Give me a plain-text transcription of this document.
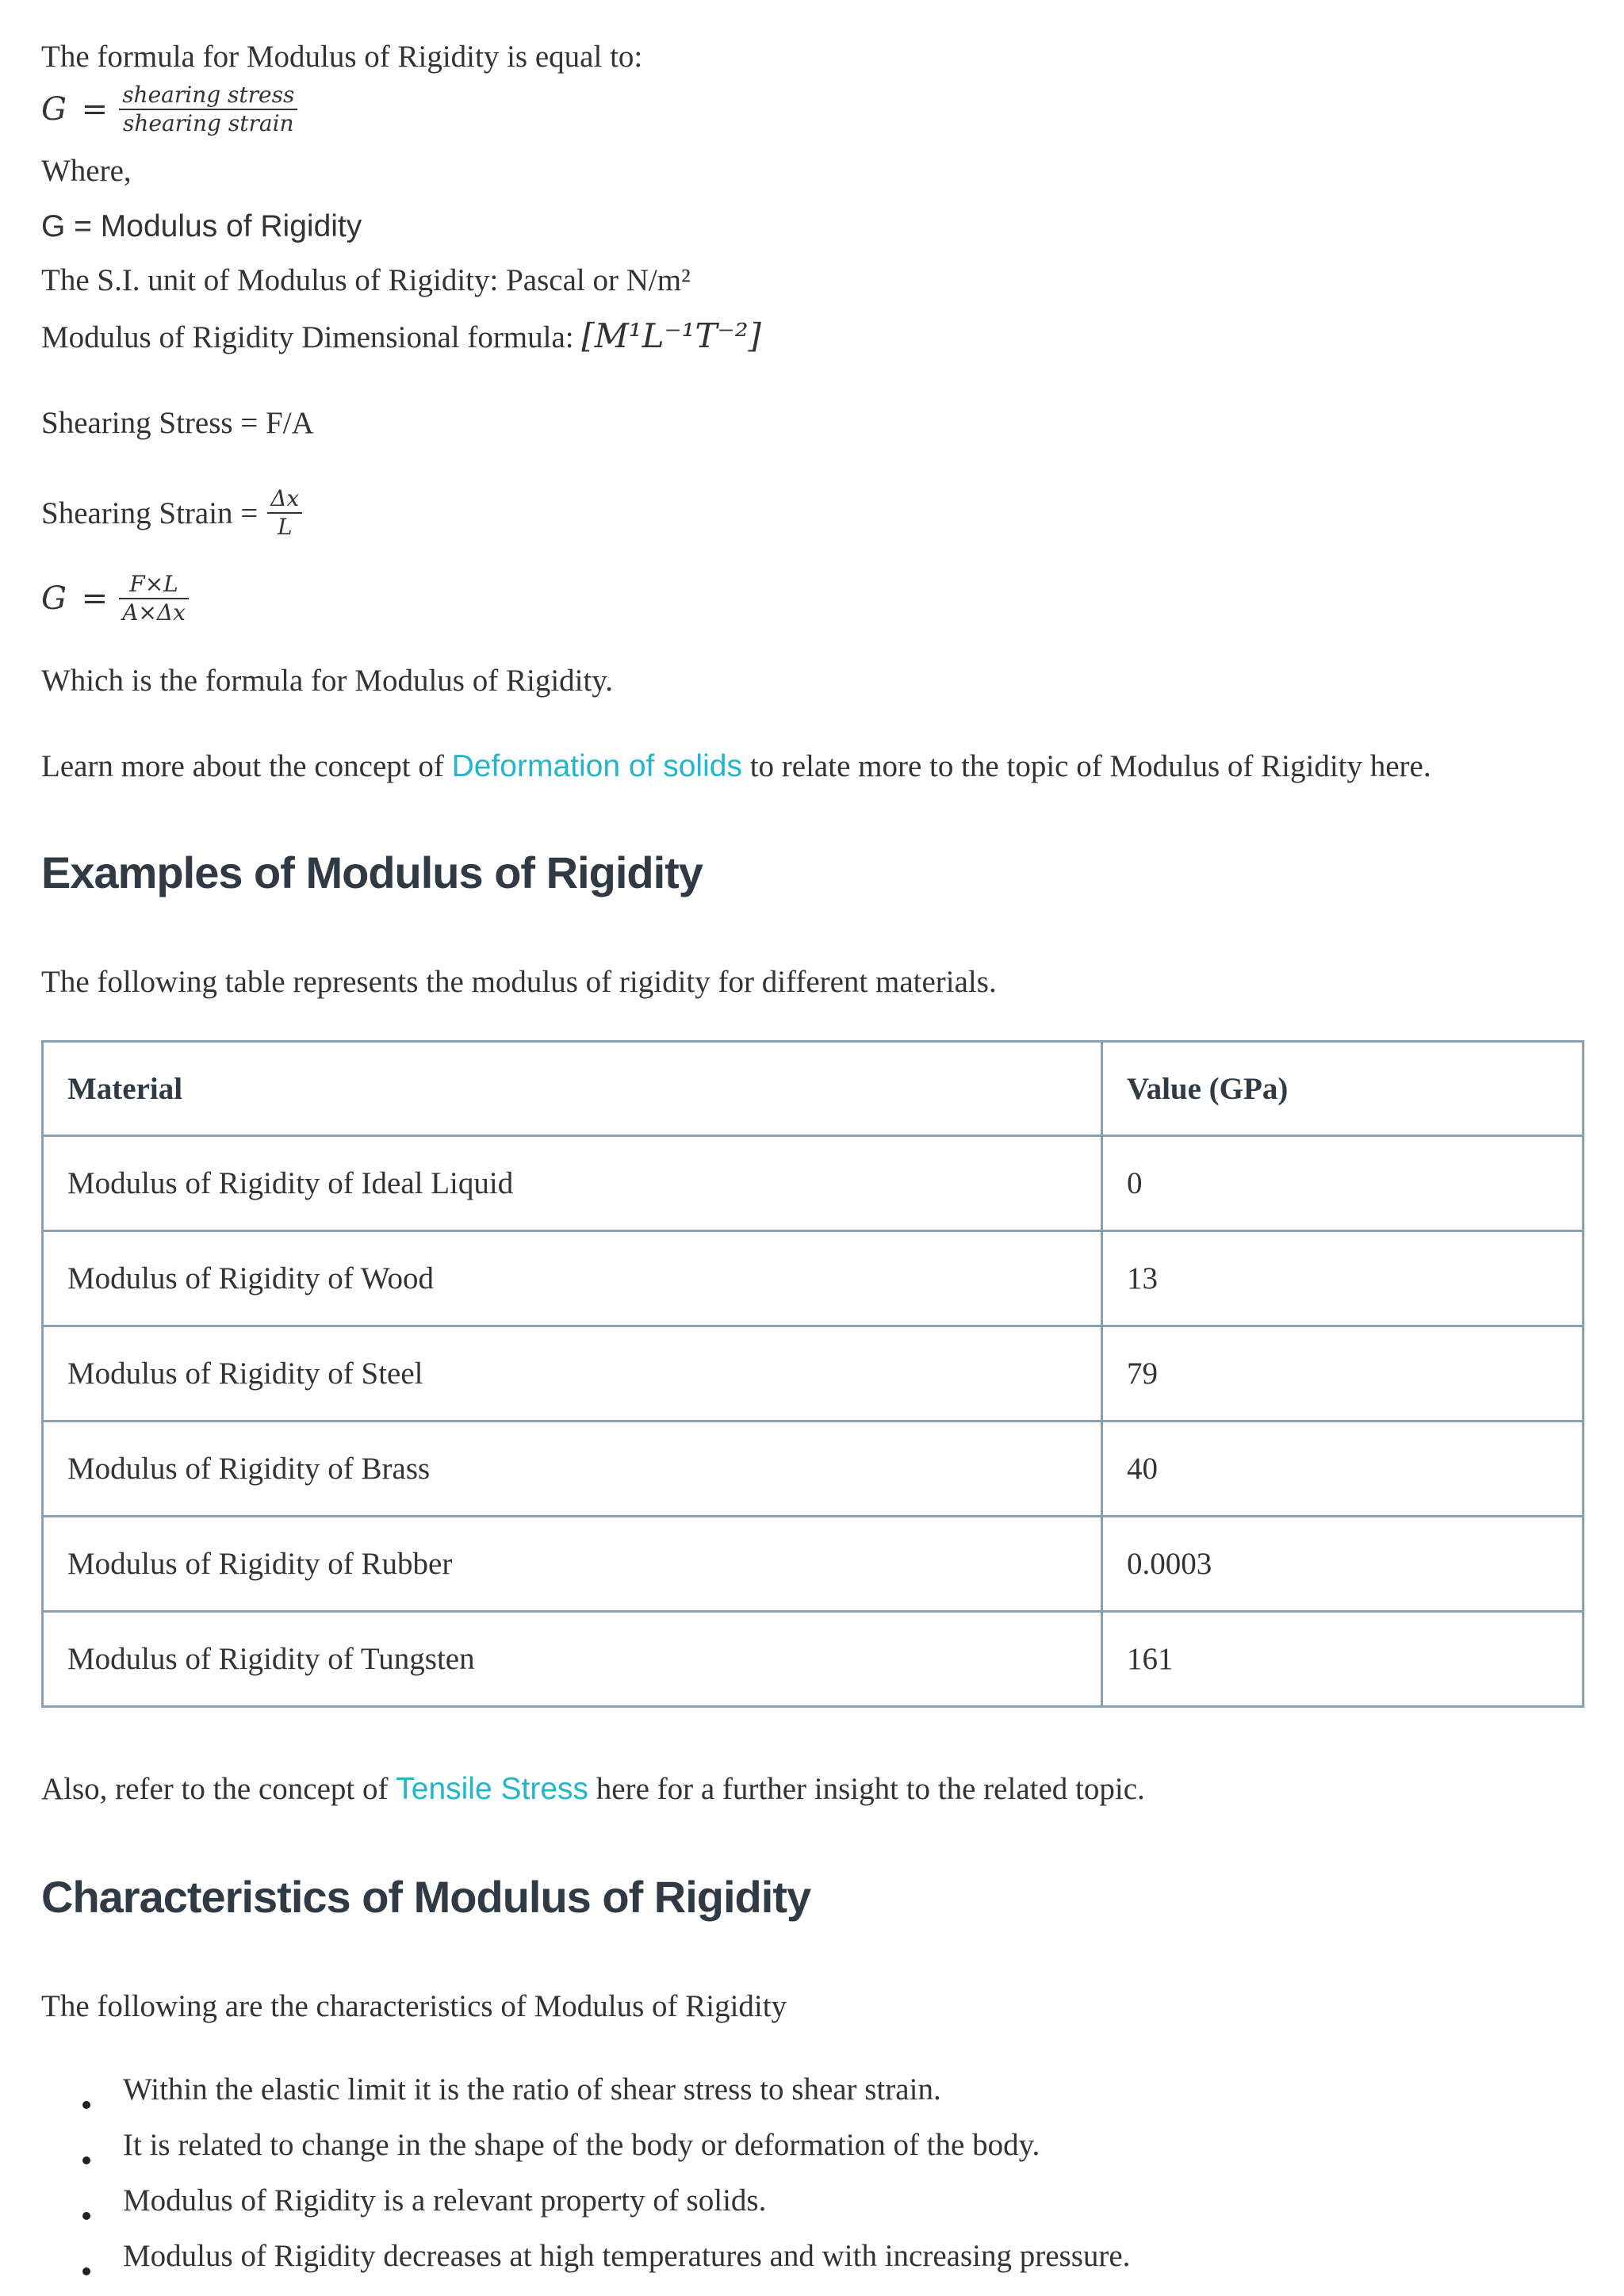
The formula for Modulus of Rigidity is equal to:

$G = \frac{\text{shearing stress}}{\text{shearing strain}}$

Where,

G = Modulus of Rigidity

The S.I. unit of Modulus of Rigidity: Pascal or N/m²

Modulus of Rigidity Dimensional formula: [M¹L⁻¹T⁻²]

Shearing Stress = F/A

Shearing Strain = $\frac{\Delta x}{L}$
$G = \frac{F\times L}{A\times\Delta x}$

Which is the formula for Modulus of Rigidity.

Learn more about the concept of Deformation of solids to relate more to the topic of Modulus of Rigidity here.

Examples of Modulus of Rigidity

The following table represents the modulus of rigidity for different materials.

Material	Value (GPa)
Modulus of Rigidity of Ideal Liquid	0
Modulus of Rigidity of Wood	13
Modulus of Rigidity of Steel	79
Modulus of Rigidity of Brass	40
Modulus of Rigidity of Rubber	0.0003
Modulus of Rigidity of Tungsten	161

Also, refer to the concept of Tensile Stress here for a further insight to the related topic.

Characteristics of Modulus of Rigidity

The following are the characteristics of Modulus of Rigidity

Within the elastic limit it is the ratio of shear stress to shear strain.
It is related to change in the shape of the body or deformation of the body.
Modulus of Rigidity is a relevant property of solids.
Modulus of Rigidity decreases at high temperatures and with increasing pressure.
